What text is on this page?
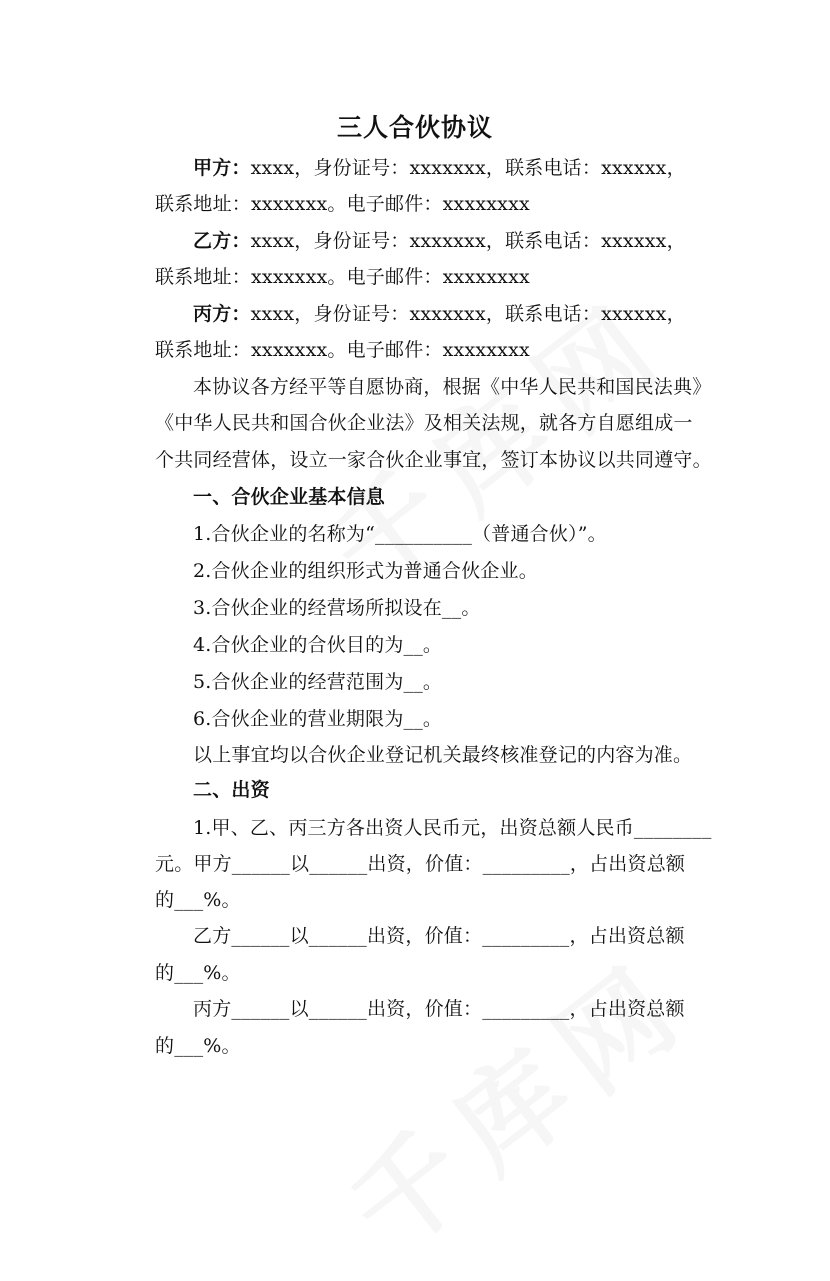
三人合伙协议
甲方：xxxx，身份证号：xxxxxxx，联系电话：xxxxxx，
联系地址：xxxxxxx。电子邮件：xxxxxxxx
乙方：xxxx，身份证号：xxxxxxx，联系电话：xxxxxx，
联系地址：xxxxxxx。电子邮件：xxxxxxxx
丙方：xxxx，身份证号：xxxxxxx，联系电话：xxxxxx，
联系地址：xxxxxxx。电子邮件：xxxxxxxx
本协议各方经平等自愿协商，根据《中华人民共和国民法典》
《中华人民共和国合伙企业法》及相关法规，就各方自愿组成一
个共同经营体，设立一家合伙企业事宜，签订本协议以共同遵守。
一、合伙企业基本信息
1.合伙企业的名称为“__________（普通合伙）”。
2.合伙企业的组织形式为普通合伙企业。
3.合伙企业的经营场所拟设在__。
4.合伙企业的合伙目的为__。
5.合伙企业的经营范围为__。
6.合伙企业的营业期限为__。
以上事宜均以合伙企业登记机关最终核准登记的内容为准。
二、出资
1.甲、乙、丙三方各出资人民币元，出资总额人民币________
元。甲方______以______出资，价值：_________，占出资总额
的___%。
乙方______以______出资，价值：_________，占出资总额
的___%。
丙方______以______出资，价值：_________，占出资总额
的___%。
